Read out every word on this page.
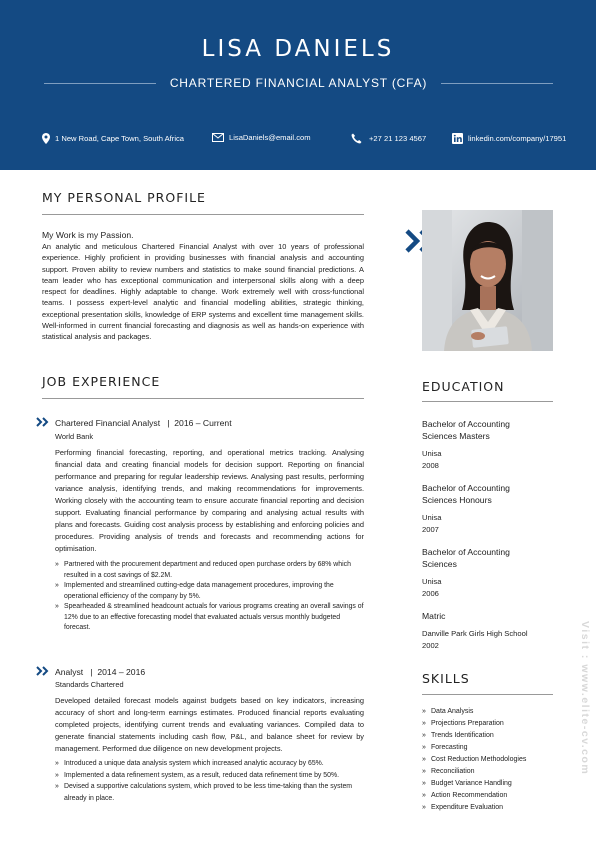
LISA DANIELS
CHARTERED FINANCIAL ANALYST (CFA)
1 New Road, Cape Town, South Africa	LisaDaniels@email.com	+27 21 123 4567	linkedin.com/company/17951
MY PERSONAL PROFILE
My Work is my Passion.
An analytic and meticulous Chartered Financial Analyst with over 10 years of professional experience. Highly proficient in providing businesses with financial analysis and accounting support. Proven ability to review numbers and statistics to make sound financial predictions. A team leader who has exceptional communication and interpersonal skills along with a deep respect for deadlines. Highly adaptable to change. Work extremely well with cross-functional teams. I possess expert-level analytic and financial modelling abilities, strategic thinking, exceptional presentation skills, knowledge of ERP systems and excellent time management skills. Well-informed in current financial forecasting and diagnosis as well as hands-on experience with statistical analysis and packages.
JOB EXPERIENCE
Chartered Financial Analyst   |  2016 – Current
World Bank
Performing financial forecasting, reporting, and operational metrics tracking. Analysing financial data and creating financial models for decision support. Reporting on financial performance and preparing for regular leadership reviews. Analysing past results, performing variance analysis, identifying trends, and making recommendations for improvements. Working closely with the accounting team to ensure accurate financial reporting and decision support. Evaluating financial performance by comparing and analysing actual results with plans and forecasts. Guiding cost analysis process by establishing and enforcing policies and procedures. Providing analysis of trends and forecasts and recommending actions for optimisation.
» Partnered with the procurement department and reduced open purchase orders by 68% which resulted in a cost savings of $2.2M.
» Implemented and streamlined cutting-edge data management procedures, improving the operational efficiency of the company by 5%.
» Spearheaded & streamlined headcount actuals for various programs creating an overall savings of 12% due to an effective forecasting model that evaluated actuals versus monthly budgeted forecast.
Analyst   |  2014 – 2016
Standards Chartered
Developed detailed forecast models against budgets based on key indicators, increasing accuracy of short and long-term earnings estimates. Produced financial reports evaluating completed projects, identifying current trends and evaluating variances. Compiled data to generate financial statements including cash flow, P&L, and balance sheet for review by management. Performed due diligence on new development projects.
» Introduced a unique data analysis system which increased analytic accuracy by 65%.
» Implemented a data refinement system, as a result, reduced data refinement time by 50%.
» Devised a supportive calculations system, which proved to be less time-taking than the system already in place.
EDUCATION
Bachelor of Accounting Sciences Masters
Unisa
2008
Bachelor of Accounting Sciences Honours
Unisa
2007
Bachelor of Accounting Sciences
Unisa
2006
Matric
Danville Park Girls High School
2002
SKILLS
» Data Analysis
» Projections Preparation
» Trends Identification
» Forecasting
» Cost Reduction Methodologies
» Reconciliation
» Budget Variance Handling
» Action Recommendation
» Expenditure Evaluation
Visit : www.elite-cv.com
